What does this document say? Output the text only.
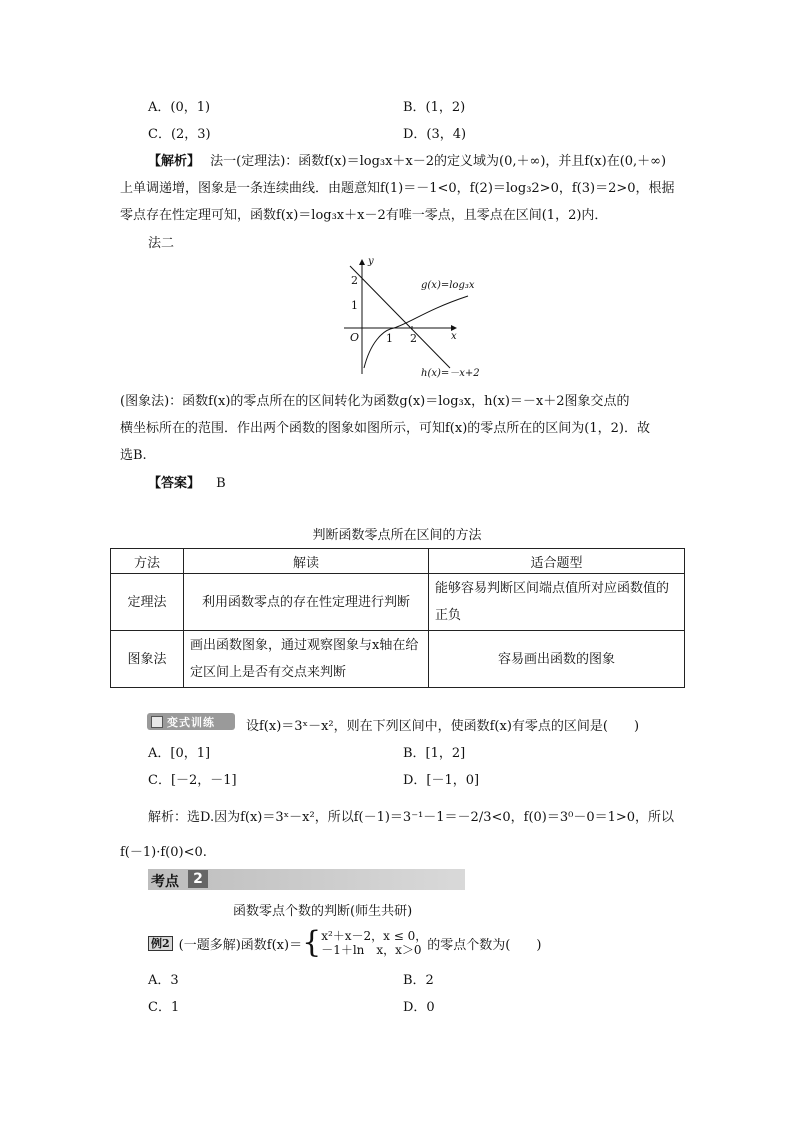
A．(0，1)	B．(1，2)
C．(2，3)	D．(3，4)
【解析】 法一(定理法)：函数f(x)＝log₃x＋x－2的定义域为(0,＋∞)，并且f(x)在(0,＋∞)
上单调递增，图象是一条连续曲线．由题意知f(1)＝－1<0，f(2)＝log₃2>0，f(3)＝2>0，根据
零点存在性定理可知，函数f(x)＝log₃x＋x－2有唯一零点，且零点在区间(1，2)内．
法二
y
x
O
2
1
1 2
g(x)=log₃x
h(x)=－x+2
(图象法)：函数f(x)的零点所在的区间转化为函数g(x)＝log₃x，h(x)＝－x＋2图象交点的
横坐标所在的范围．作出两个函数的图象如图所示，可知f(x)的零点所在的区间为(1，2)．故
选B.
【答案】 B
判断函数零点所在区间的方法
方法	解读	适合题型
定理法	利用函数零点的存在性定理进行判断	能够容易判断区间端点值所对应函数值的正负
图象法	画出函数图象，通过观察图象与x轴在给定区间上是否有交点来判断	容易画出函数的图象
变式训练 设f(x)＝3ˣ－x²，则在下列区间中，使函数f(x)有零点的区间是(　　)
A．[0，1]	B．[1，2]
C．[－2，－1]	D．[－1，0]
解析：选D.因为f(x)＝3ˣ－x²，所以f(－1)＝3⁻¹－1＝－2/3<0，f(0)＝3⁰－0＝1>0，所以
f(－1)·f(0)<0.
考点	2
函数零点个数的判断(师生共研)
例2 (一题多解)函数f(x)＝ { x²＋x－2，x ≤ 0，
－1＋ln　x，x＞0 的零点个数为(　　)
A．3	B．2
C．1	D．0
